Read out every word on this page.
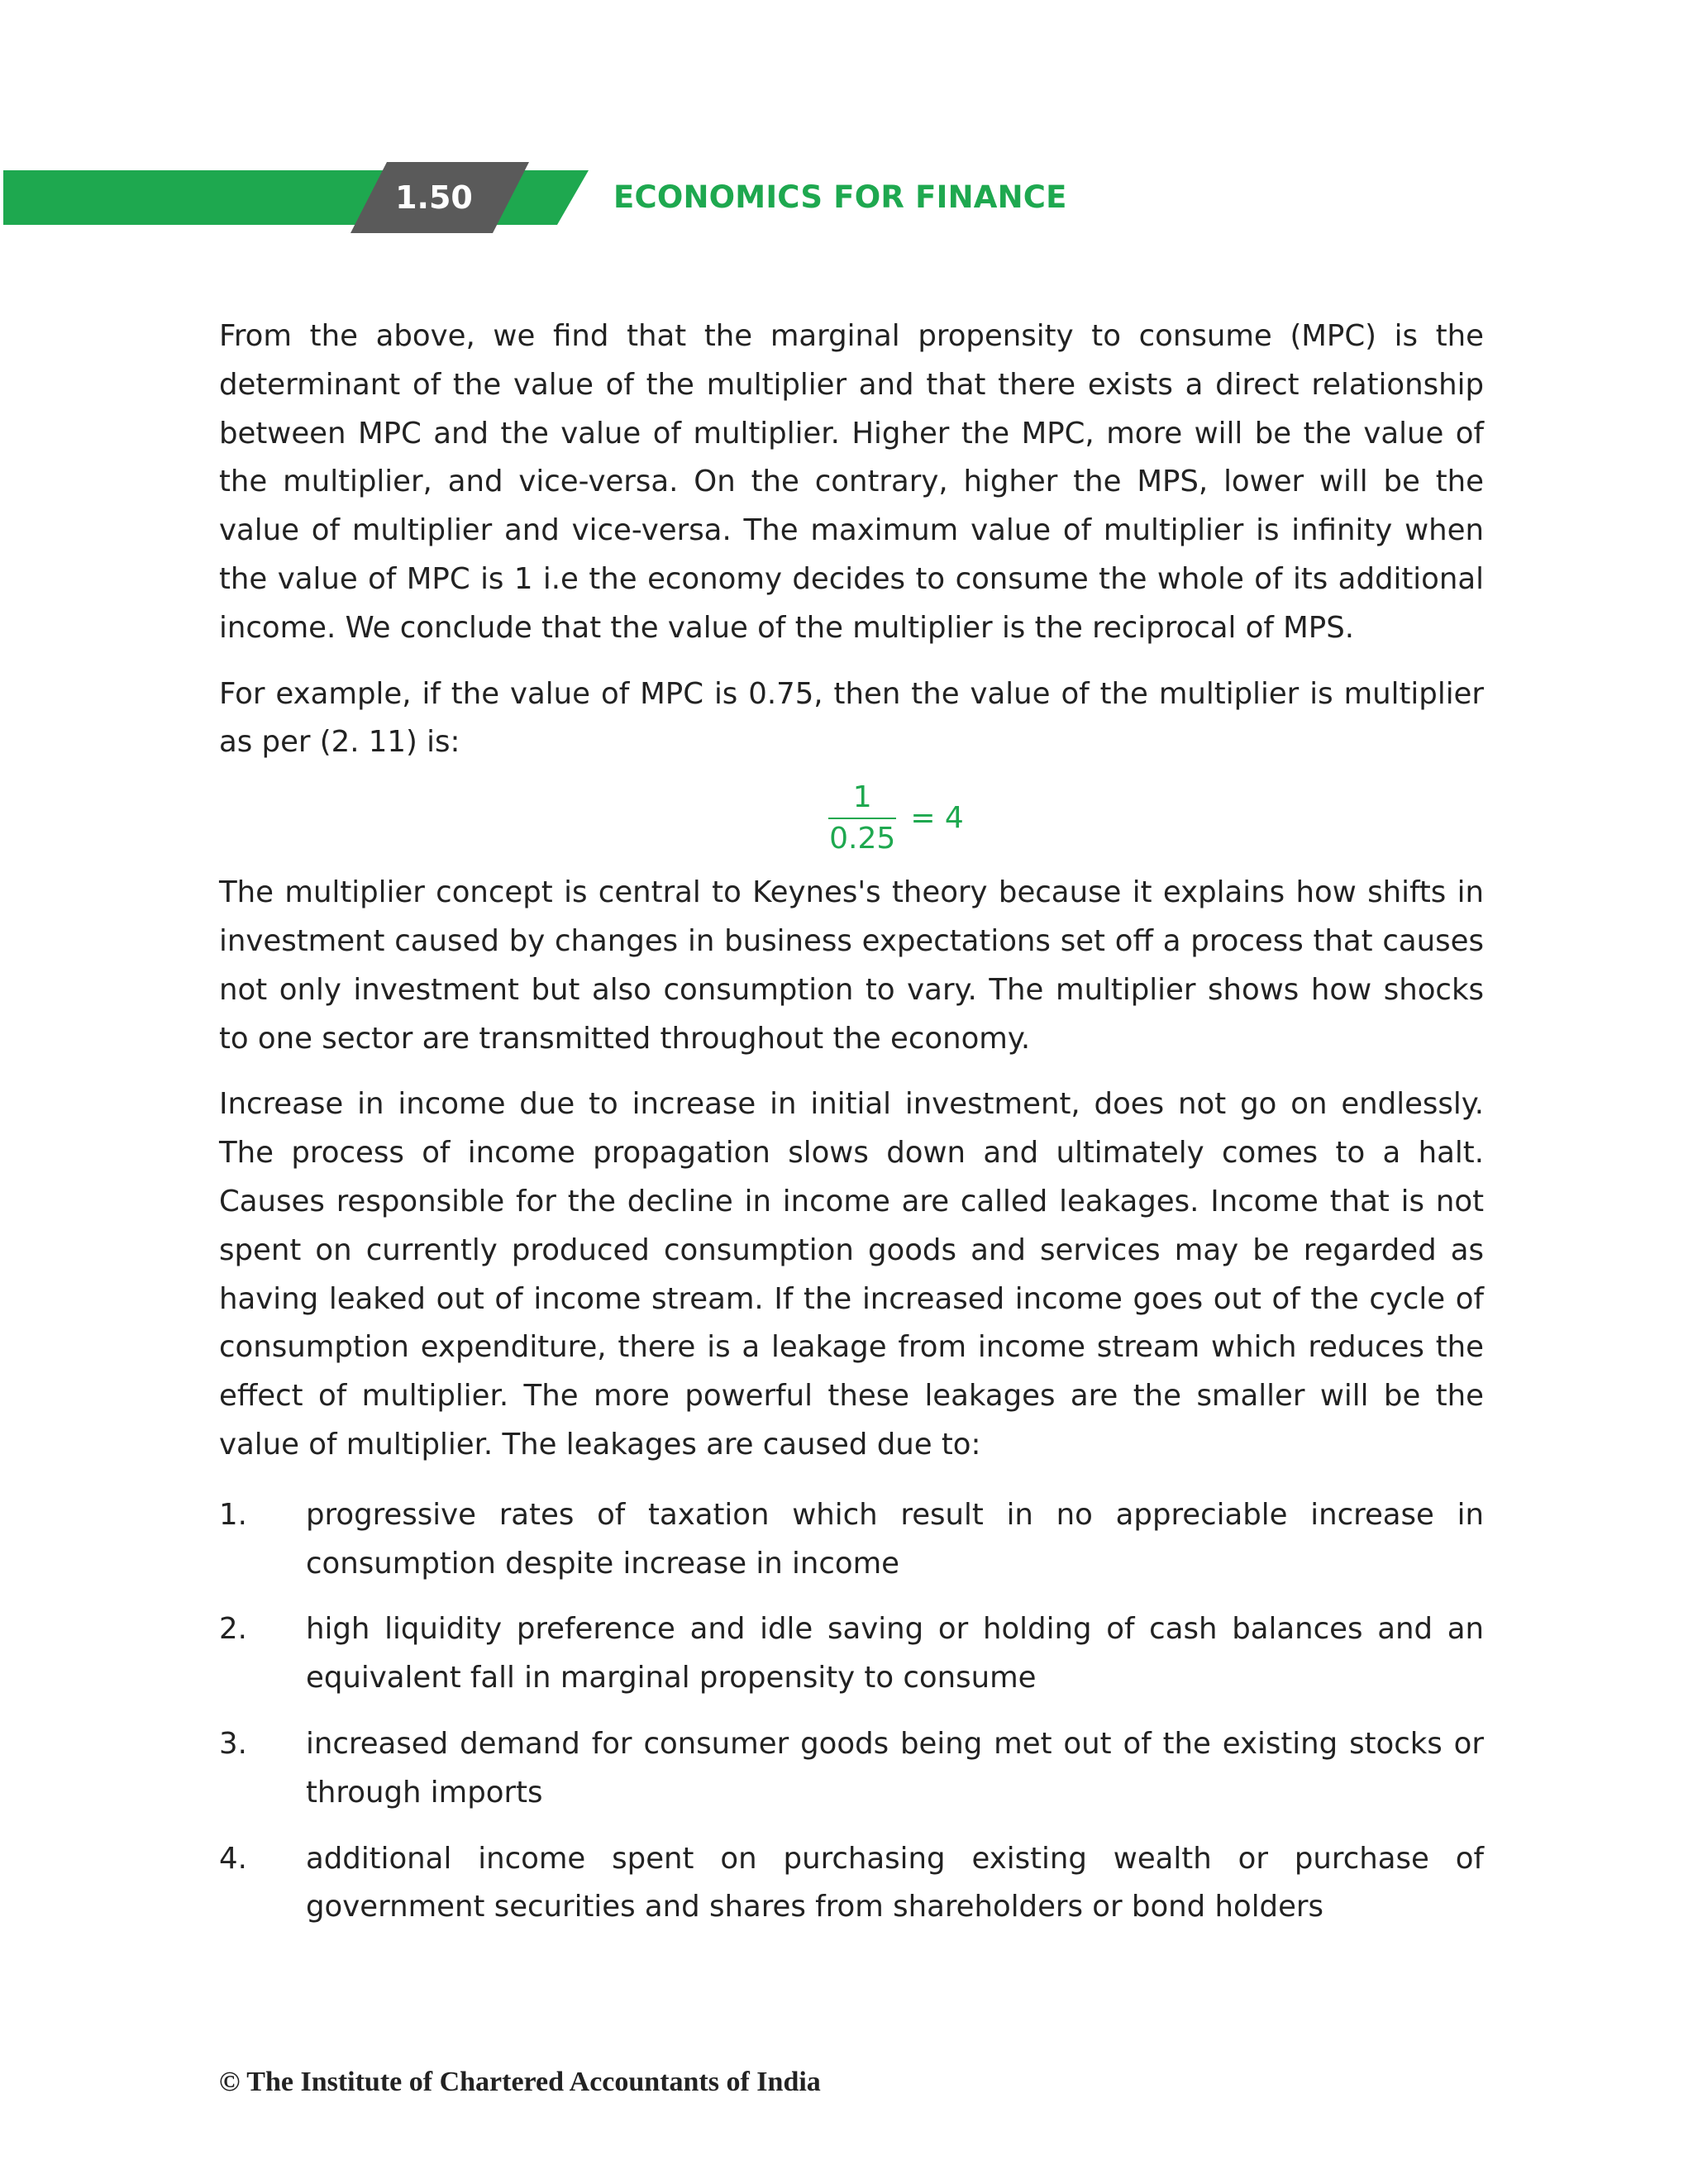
1.50	ECONOMICS FOR FINANCE

From the above, we find that the marginal propensity to consume (MPC) is the determinant of the value of the multiplier and that there exists a direct relationship between MPC and the value of multiplier. Higher the MPC, more will be the value of the multiplier, and vice-versa. On the contrary, higher the MPS, lower will be the value of multiplier and vice-versa. The maximum value of multiplier is infinity when the value of MPC is 1 i.e the economy decides to consume the whole of its additional income. We conclude that the value of the multiplier is the reciprocal of MPS.

For example, if the value of MPC is 0.75, then the value of the multiplier is multiplier as per (2. 11) is:

$\frac{1}{0.25} = 4$

The multiplier concept is central to Keynes's theory because it explains how shifts in investment caused by changes in business expectations set off a process that causes not only investment but also consumption to vary. The multiplier shows how shocks to one sector are transmitted throughout the economy.

Increase in income due to increase in initial investment, does not go on endlessly. The process of income propagation slows down and ultimately comes to a halt. Causes responsible for the decline in income are called leakages. Income that is not spent on currently produced consumption goods and services may be regarded as having leaked out of income stream. If the increased income goes out of the cycle of consumption expenditure, there is a leakage from income stream which reduces the effect of multiplier. The more powerful these leakages are the smaller will be the value of multiplier. The leakages are caused due to:

1.	progressive rates of taxation which result in no appreciable increase in consumption despite increase in income
2.	high liquidity preference and idle saving or holding of cash balances and an equivalent fall in marginal propensity to consume
3.	increased demand for consumer goods being met out of the existing stocks or through imports
4.	additional income spent on purchasing existing wealth or purchase of government securities and shares from shareholders or bond holders
© The Institute of Chartered Accountants of India
